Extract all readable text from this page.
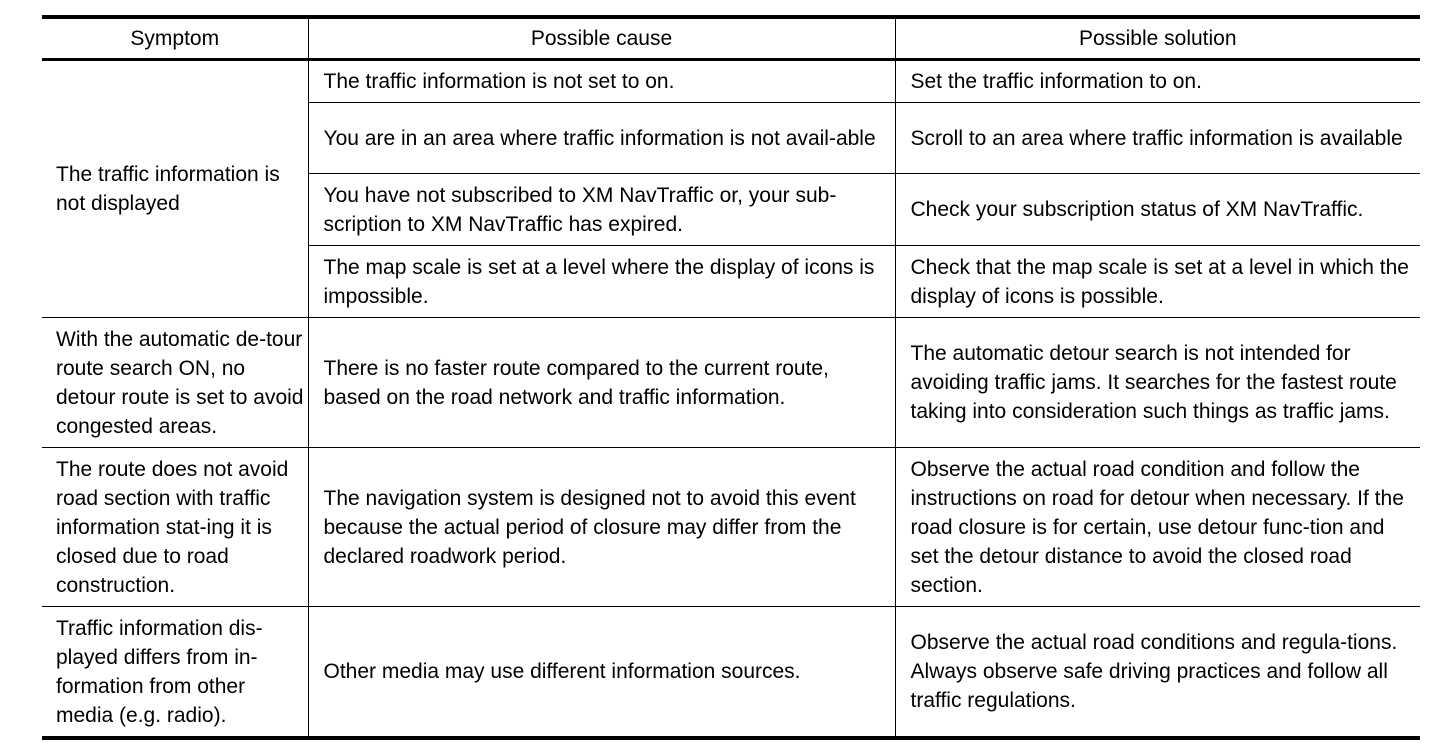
Symptom	Possible cause	Possible solution
The traffic information is not displayed	The traffic information is not set to on.	Set the traffic information to on.
	You are in an area where traffic information is not avail-able	Scroll to an area where traffic information is available
	You have not subscribed to XM NavTraffic or, your sub-scription to XM NavTraffic has expired.	Check your subscription status of XM NavTraffic.
	The map scale is set at a level where the display of icons is impossible.	Check that the map scale is set at a level in which the display of icons is possible.
With the automatic de-tour route search ON, no detour route is set to avoid congested areas.	There is no faster route compared to the current route, based on the road network and traffic information.	The automatic detour search is not intended for avoiding traffic jams. It searches for the fastest route taking into consideration such things as traffic jams.
The route does not avoid road section with traffic information stat-ing it is closed due to road construction.	The navigation system is designed not to avoid this event because the actual period of closure may differ from the declared roadwork period.	Observe the actual road condition and follow the instructions on road for detour when necessary. If the road closure is for certain, use detour func-tion and set the detour distance to avoid the closed road section.
Traffic information dis-played differs from in-formation from other media (e.g. radio).	Other media may use different information sources.	Observe the actual road conditions and regula-tions. Always observe safe driving practices and follow all traffic regulations.
